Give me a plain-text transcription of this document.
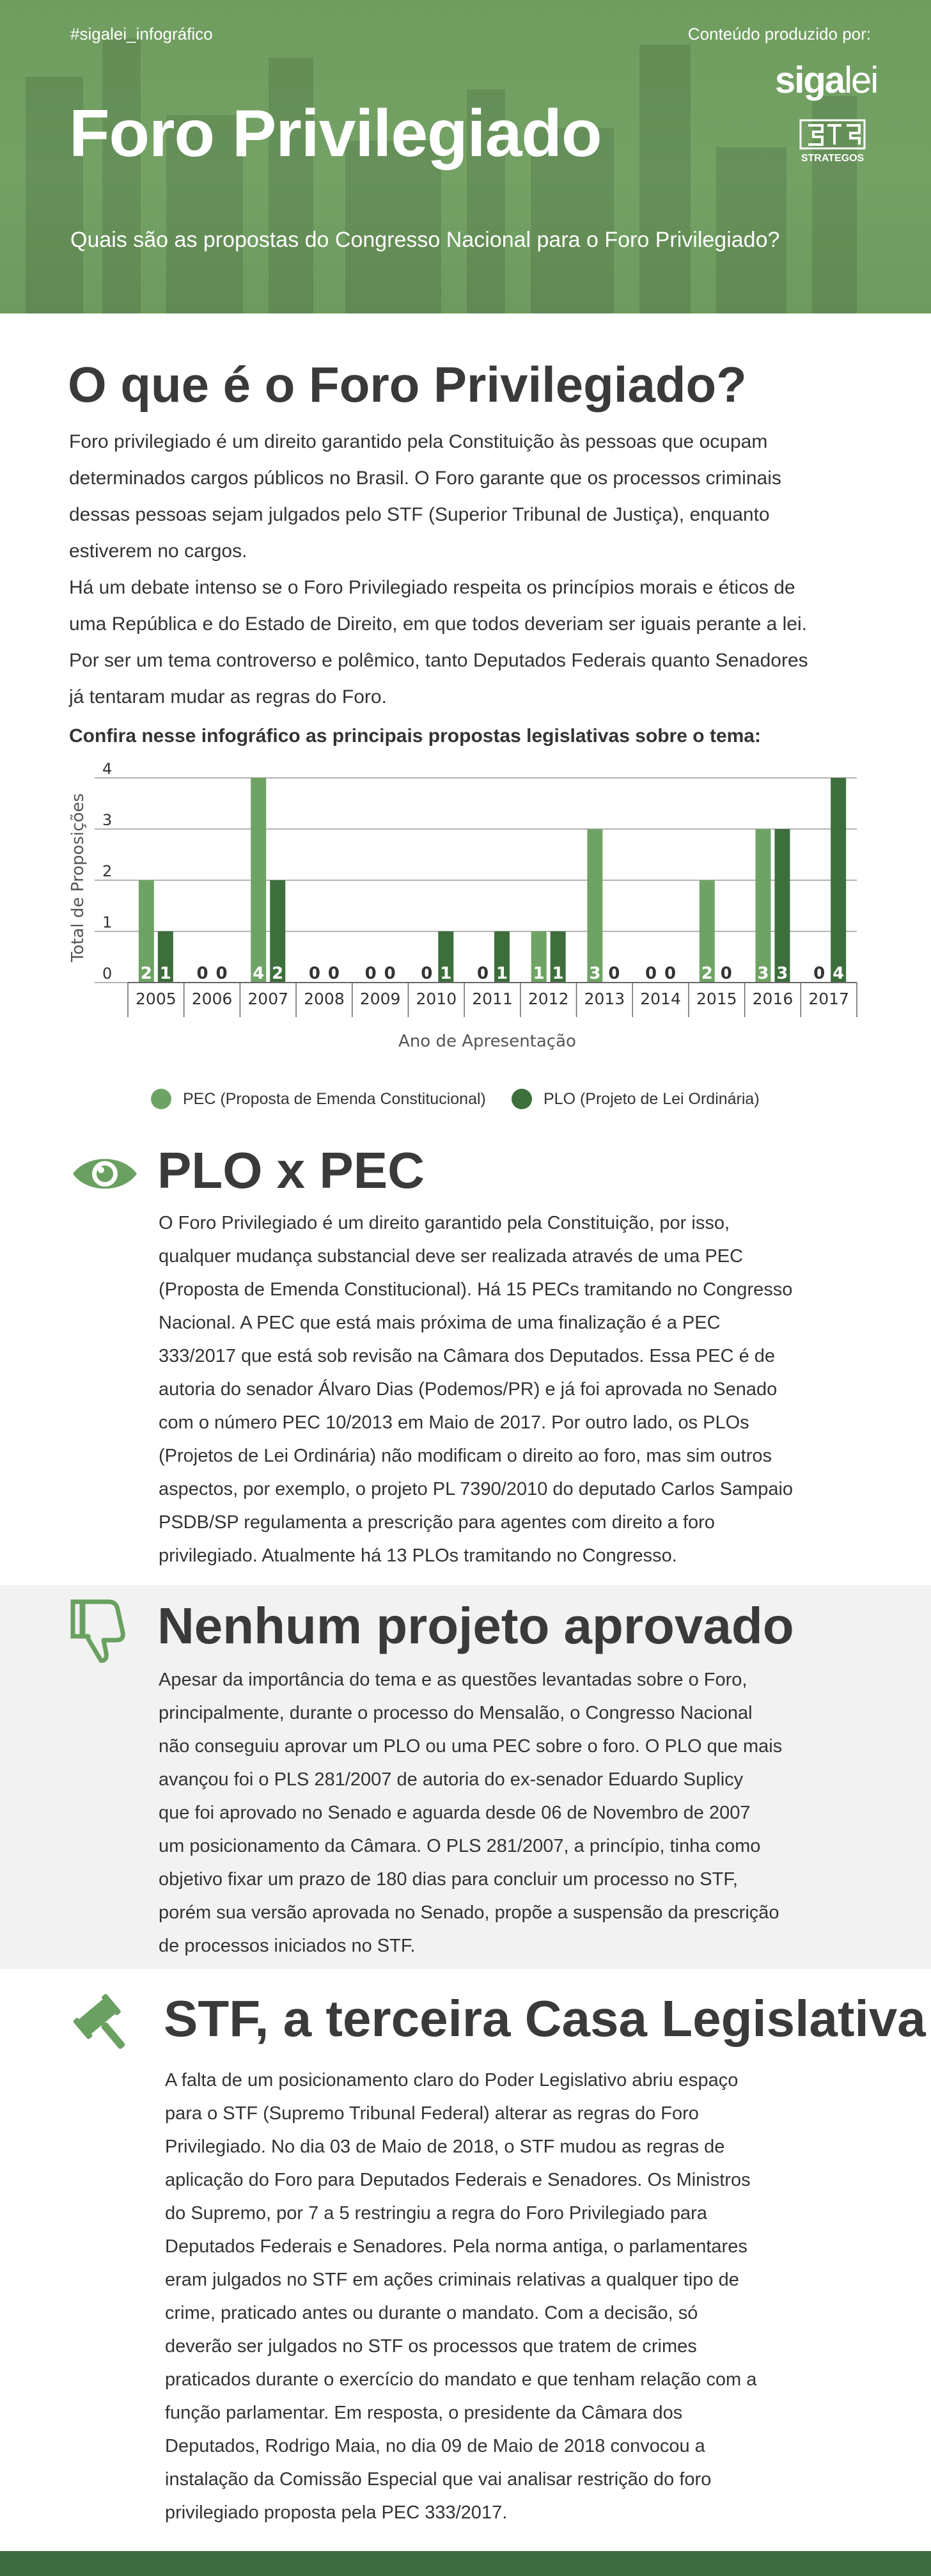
#sigalei_infográfico	Conteúdo produzido por:
sigalei
STRATEGOS
Foro Privilegiado
Quais são as propostas do Congresso Nacional para o Foro Privilegiado?
O que é o Foro Privilegiado?
Foro privilegiado é um direito garantido pela Constituição às pessoas que ocupam
determinados cargos públicos no Brasil. O Foro garante que os processos criminais
dessas pessoas sejam julgados pelo STF (Superior Tribunal de Justiça), enquanto
estiverem no cargos.
Há um debate intenso se o Foro Privilegiado respeita os princípios morais e éticos de
uma República e do Estado de Direito, em que todos deveriam ser iguais perante a lei.
Por ser um tema controverso e polêmico, tanto Deputados Federais quanto Senadores
já tentaram mudar as regras do Foro.
Confira nesse infográfico as principais propostas legislativas sobre o tema:
0
1
2
3
4
2 1 0 0 4 2 0 0 0 0 0 1 0 1 1 1 3 0 0 0 2 0 3 3 0 4
2005 2006 2007 2008 2009 2010 2011 2012 2013 2014 2015 2016 2017
Total de Proposições
Ano de Apresentação
PEC (Proposta de Emenda Constitucional)	PLO (Projeto de Lei Ordinária)
PLO x PEC
O Foro Privilegiado é um direito garantido pela Constituição, por isso,
qualquer mudança substancial deve ser realizada através de uma PEC
(Proposta de Emenda Constitucional). Há 15 PECs tramitando no Congresso
Nacional. A PEC que está mais próxima de uma finalização é a PEC
333/2017 que está sob revisão na Câmara dos Deputados. Essa PEC é de
autoria do senador Álvaro Dias (Podemos/PR) e já foi aprovada no Senado
com o número PEC 10/2013 em Maio de 2017. Por outro lado, os PLOs
(Projetos de Lei Ordinária) não modificam o direito ao foro, mas sim outros
aspectos, por exemplo, o projeto PL 7390/2010 do deputado Carlos Sampaio
PSDB/SP regulamenta a prescrição para agentes com direito a foro
privilegiado. Atualmente há 13 PLOs tramitando no Congresso.
Nenhum projeto aprovado
Apesar da importância do tema e as questões levantadas sobre o Foro,
principalmente, durante o processo do Mensalão, o Congresso Nacional
não conseguiu aprovar um PLO ou uma PEC sobre o foro. O PLO que mais
avançou foi o PLS 281/2007 de autoria do ex-senador Eduardo Suplicy
que foi aprovado no Senado e aguarda desde 06 de Novembro de 2007
um posicionamento da Câmara. O PLS 281/2007, a princípio, tinha como
objetivo fixar um prazo de 180 dias para concluir um processo no STF,
porém sua versão aprovada no Senado, propõe a suspensão da prescrição
de processos iniciados no STF.
STF, a terceira Casa Legislativa
A falta de um posicionamento claro do Poder Legislativo abriu espaço
para o STF (Supremo Tribunal Federal) alterar as regras do Foro
Privilegiado. No dia 03 de Maio de 2018, o STF mudou as regras de
aplicação do Foro para Deputados Federais e Senadores. Os Ministros
do Supremo, por 7 a 5 restringiu a regra do Foro Privilegiado para
Deputados Federais e Senadores. Pela norma antiga, o parlamentares
eram julgados no STF em ações criminais relativas a qualquer tipo de
crime, praticado antes ou durante o mandato. Com a decisão, só
deverão ser julgados no STF os processos que tratem de crimes
praticados durante o exercício do mandato e que tenham relação com a
função parlamentar. Em resposta, o presidente da Câmara dos
Deputados, Rodrigo Maia, no dia 09 de Maio de 2018 convocou a
instalação da Comissão Especial que vai analisar restrição do foro
privilegiado proposta pela PEC 333/2017.
